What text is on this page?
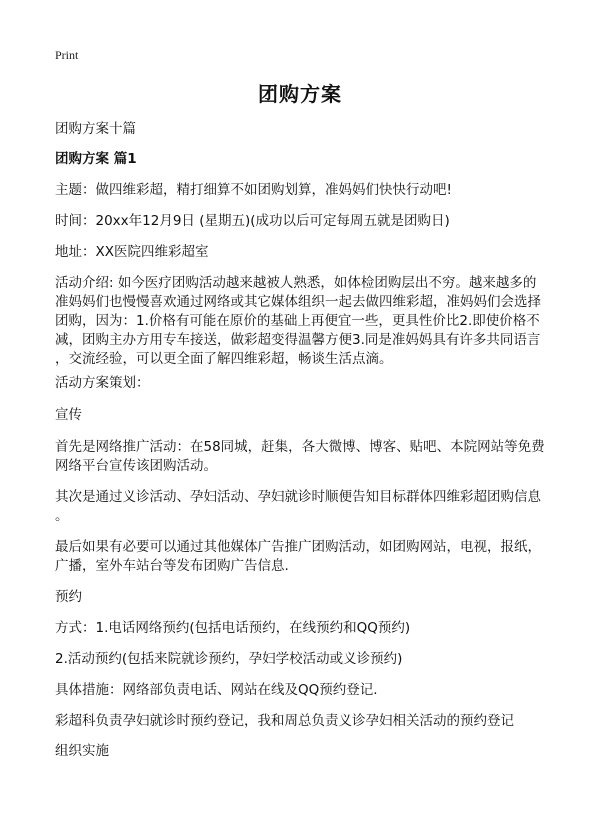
Print
团购方案

团购方案十篇

团购方案 篇1

主题：做四维彩超，精打细算不如团购划算，准妈妈们快快行动吧!

时间：20xx年12月9日 (星期五)(成功以后可定每周五就是团购日)

地址：XX医院四维彩超室

活动介绍: 如今医疗团购活动越来越被人熟悉，如体检团购层出不穷。越来越多的
准妈妈们也慢慢喜欢通过网络或其它媒体组织一起去做四维彩超，准妈妈们会选择
团购，因为：1.价格有可能在原价的基础上再便宜一些，更具性价比2.即使价格不
减，团购主办方用专车接送，做彩超变得温馨方便3.同是准妈妈具有许多共同语言
，交流经验，可以更全面了解四维彩超，畅谈生活点滴。

活动方案策划：

宣传

首先是网络推广活动：在58同城，赶集，各大微博、博客、贴吧、本院网站等免费
网络平台宣传该团购活动。

其次是通过义诊活动、孕妇活动、孕妇就诊时顺便告知目标群体四维彩超团购信息
。

最后如果有必要可以通过其他媒体广告推广团购活动，如团购网站，电视，报纸，
广播，室外车站台等发布团购广告信息.

预约

方式：1.电话网络预约(包括电话预约，在线预约和QQ预约)

2.活动预约(包括来院就诊预约，孕妇学校活动或义诊预约)

具体措施：网络部负责电话、网站在线及QQ预约登记.

彩超科负责孕妇就诊时预约登记，我和周总负责义诊孕妇相关活动的预约登记

组织实施
